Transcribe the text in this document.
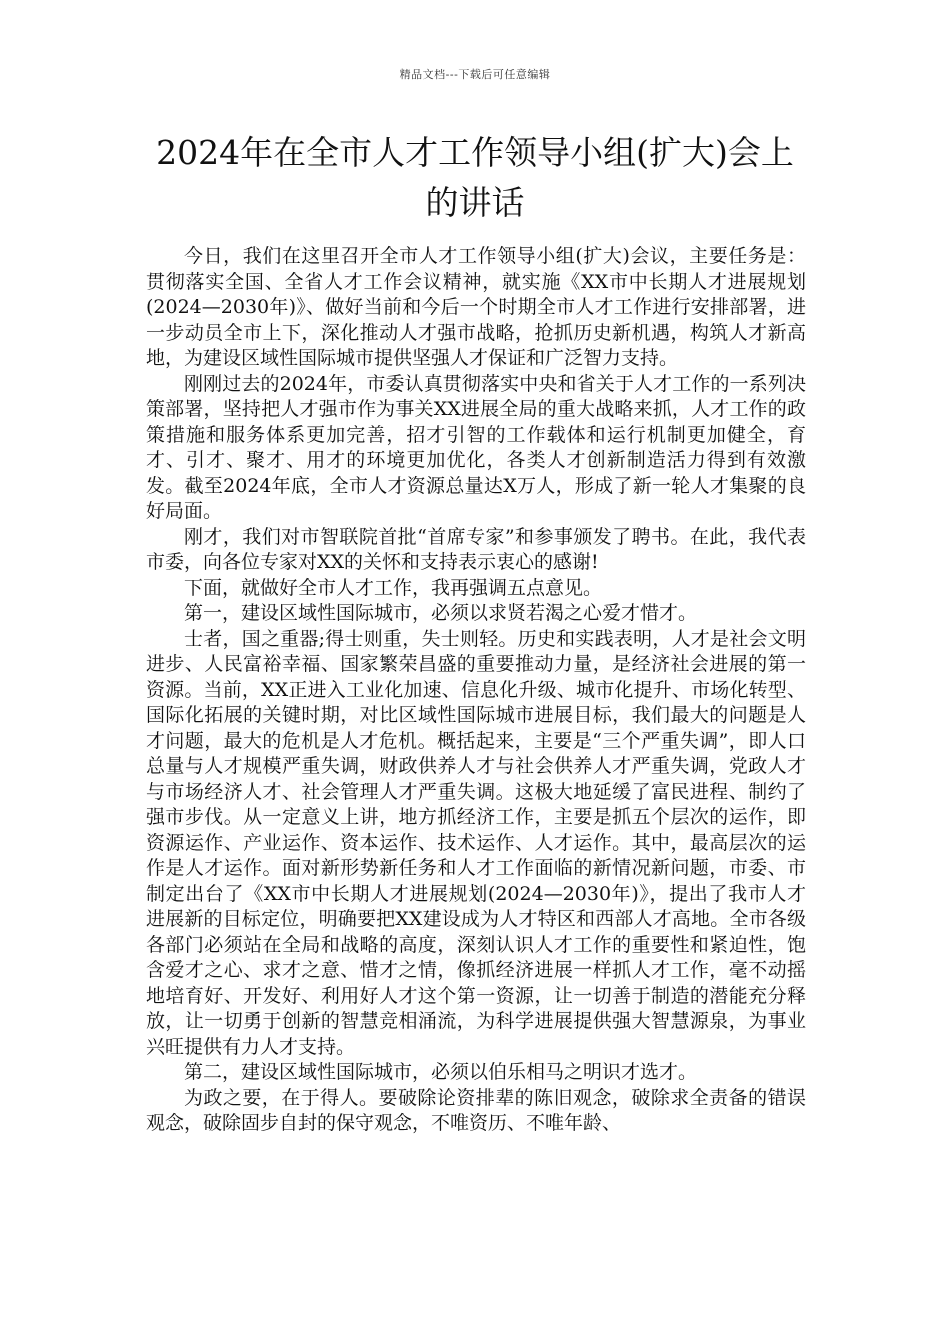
精品文档---下载后可任意编辑
2024年在全市人才工作领导小组(扩大)会上的讲话

今日，我们在这里召开全市人才工作领导小组(扩大)会议，主要任务是：贯彻落实全国、全省人才工作会议精神，就实施《XX市中长期人才进展规划(2024—2030年)》、做好当前和今后一个时期全市人才工作进行安排部署，进一步动员全市上下，深化推动人才强市战略，抢抓历史新机遇，构筑人才新高地，为建设区域性国际城市提供坚强人才保证和广泛智力支持。

刚刚过去的2024年，市委认真贯彻落实中央和省关于人才工作的一系列决策部署，坚持把人才强市作为事关XX进展全局的重大战略来抓，人才工作的政策措施和服务体系更加完善，招才引智的工作载体和运行机制更加健全，育才、引才、聚才、用才的环境更加优化，各类人才创新制造活力得到有效激发。截至2024年底，全市人才资源总量达X万人，形成了新一轮人才集聚的良好局面。

刚才，我们对市智联院首批“首席专家”和参事颁发了聘书。在此，我代表市委，向各位专家对XX的关怀和支持表示衷心的感谢!

下面，就做好全市人才工作，我再强调五点意见。

第一，建设区域性国际城市，必须以求贤若渴之心爱才惜才。

士者，国之重器;得士则重，失士则轻。历史和实践表明，人才是社会文明进步、人民富裕幸福、国家繁荣昌盛的重要推动力量，是经济社会进展的第一资源。当前，XX正进入工业化加速、信息化升级、城市化提升、市场化转型、国际化拓展的关键时期，对比区域性国际城市进展目标，我们最大的问题是人才问题，最大的危机是人才危机。概括起来，主要是“三个严重失调”，即人口总量与人才规模严重失调，财政供养人才与社会供养人才严重失调，党政人才与市场经济人才、社会管理人才严重失调。这极大地延缓了富民进程、制约了强市步伐。从一定意义上讲，地方抓经济工作，主要是抓五个层次的运作，即资源运作、产业运作、资本运作、技术运作、人才运作。其中，最高层次的运作是人才运作。面对新形势新任务和人才工作面临的新情况新问题，市委、市制定出台了《XX市中长期人才进展规划(2024—2030年)》，提出了我市人才进展新的目标定位，明确要把XX建设成为人才特区和西部人才高地。全市各级各部门必须站在全局和战略的高度，深刻认识人才工作的重要性和紧迫性，饱含爱才之心、求才之意、惜才之情，像抓经济进展一样抓人才工作，毫不动摇地培育好、开发好、利用好人才这个第一资源，让一切善于制造的潜能充分释放，让一切勇于创新的智慧竞相涌流，为科学进展提供强大智慧源泉，为事业兴旺提供有力人才支持。

第二，建设区域性国际城市，必须以伯乐相马之明识才选才。

为政之要，在于得人。要破除论资排辈的陈旧观念，破除求全责备的错误观念，破除固步自封的保守观念，不唯资历、不唯年龄、
